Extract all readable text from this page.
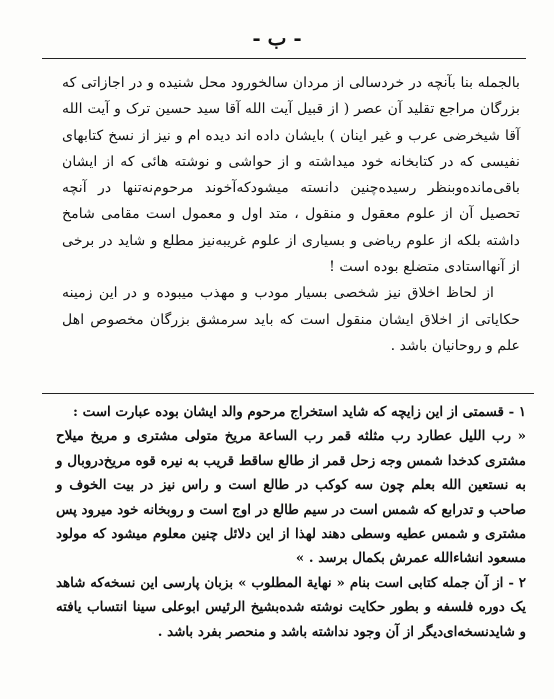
- ب -

بالجمله بنا بآنچه در خردسالی از مردان سالخورود محل شنیده و در اجازاتی که بزرگان مراجع تقلید آن عصر ( از قبیل آیت الله آقا سید حسین ترک و آیت الله آقا شیخرضی عرب و غیر اینان ) بایشان داده اند دیده ام و نیز از نسخ کتابهای نفیسی که در کتابخانه خود میداشته و از حواشی و نوشته هائی که از ایشان باقی‌مانده‌وبنظر رسیده‌چنین دانسته میشودکه‌آخوند مرحوم‌نه‌تنها در آنچه تحصیل آن از علوم معقول و منقول ، متد اول و معمول است مقامی شامخ داشته بلکه از علوم ریاضی و بسیاری از علوم غریبه‌نیز مطلع و شاید در برخی از آنهااستادی متضلع بوده است !

از لحاظ اخلاق نیز شخصی بسیار مودب و مهذب میبوده و در این زمینه حکایاتی از اخلاق ایشان منقول است که باید سرمشق بزرگان مخصوص اهل علم و روحانیان باشد .

۱ - قسمتی از این زایچه که شاید استخراج مرحوم والد ایشان بوده عبارت است :

« رب اللیل عطارد رب مثلثه قمر رب الساعة مریخ متولی مشتری و مریخ میلاح مشتری کدخدا شمس وجه زحل قمر از طالع ساقط قریب به نیره قوه مریخ‌دروبال و به نستعین الله بعلم چون سه کوکب در طالع است و راس نیز در بیت الخوف و صاحب و تدرابع که شمس است در سیم طالع در اوج است و روبخانه خود میرود پس مشتری و شمس عطیه وسطی دهند لهذا از این دلائل چنین معلوم میشود که مولود مسعود انشاءالله عمرش بکمال برسد . »

۲ - از آن جمله کتابی است بنام « نهایة المطلوب » بزبان پارسی این نسخه‌که شاهد یک دوره فلسفه و بطور حکایت نوشته شده‌بشیخ الرئیس ابوعلی سینا انتساب یافته و شایدنسخه‌ای‌دیگر از آن وجود نداشته باشد و منحصر بفرد باشد .
